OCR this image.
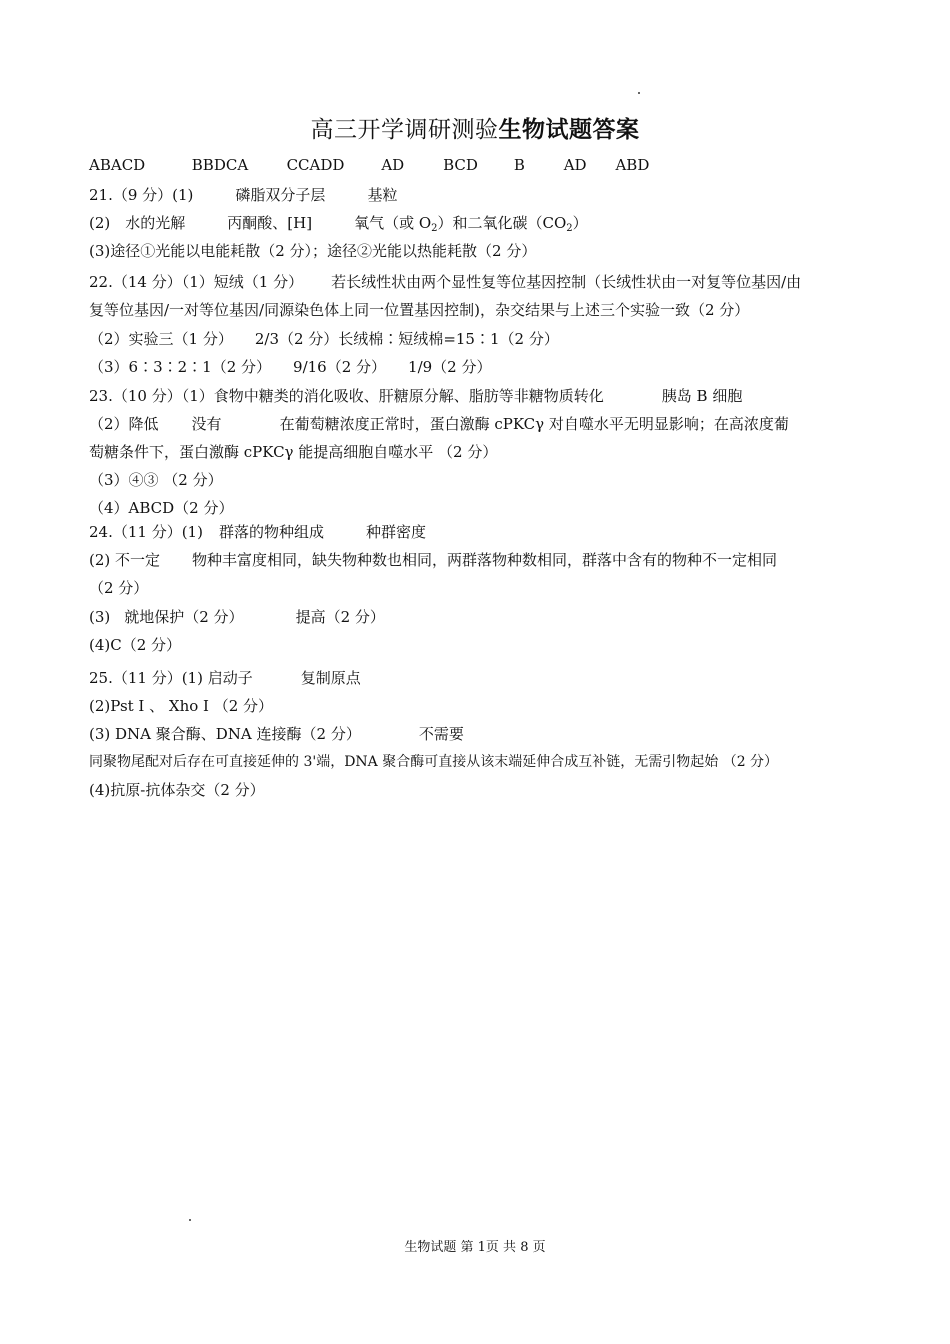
高三开学调研测验生物试题答案
ABACD	BBDCA	CCADD AD	BCD B	AD ABD
21.（9 分）(1)	磷脂双分子层	基粒
(2) 水的光解	丙酮酸、[H]	氧气（或 $O_2$）和二氧化碳$(CO_2)$
(3)途径①光能以电能耗散（2 分）；途径②光能以热能耗散（2 分）
22.（14 分）（1）短绒（1 分） 若长绒性状由两个显性复等位基因控制（长绒性状由一对复等位基因/由
复等位基因/一对等位基因/同源染色体上同一位置基因控制)，杂交结果与上述三个实验一致（2 分）
（2）实验三（1 分） 2/3（2 分）长绒棉∶短绒棉=15∶1（2 分）
（3）6∶3∶2∶1（2 分） 9/16（2 分） 1/9（2 分）
23.（10 分）（1）食物中糖类的消化吸收、肝糖原分解、脂肪等非糖物质转化	胰岛 B 细胞
（2）降低 没有	在葡萄糖浓度正常时，蛋白激酶 cPKCγ 对自噬水平无明显影响；在高浓度葡
萄糖条件下，蛋白激酶 cPKCγ 能提高细胞自噬水平 （2 分）
（3）④③ （2 分）
（4）ABCD（2 分）
24.（11 分）(1) 群落的物种组成	种群密度
(2) 不一定 物种丰富度相同，缺失物种数也相同，两群落物种数相同，群落中含有的物种不一定相同
（2 分）
(3) 就地保护（2 分）	提高（2 分）
(4)C（2 分）
25.（11 分）(1) 启动子	复制原点
(2)Pst Ⅰ 、 Xho Ⅰ （2 分）
(3) DNA 聚合酶、DNA 连接酶（2 分）	不需要
同聚物尾配对后存在可直接延伸的 3'端，DNA 聚合酶可直接从该末端延伸合成互补链，无需引物起始 （2 分）
(4)抗原-抗体杂交（2 分）
生物试题 第 1页 共 8 页
